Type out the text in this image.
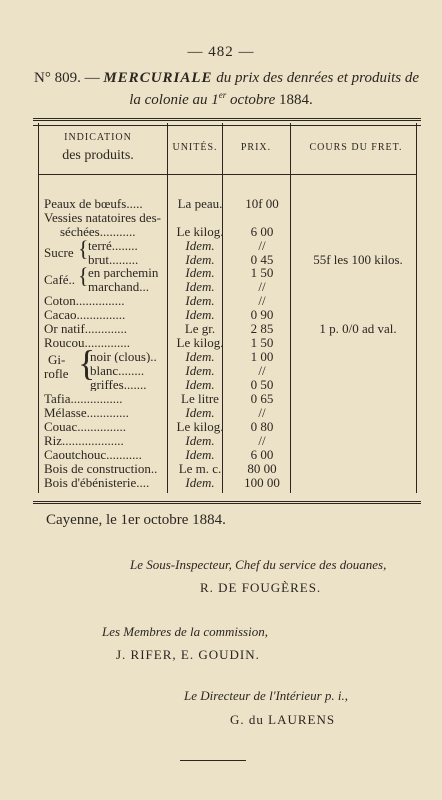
— 482 —
N° 809. — MERCURIALE du prix des denrées et produits de
la colonie au 1er octobre 1884.
INDICATION
des produits.
UNITÉS.	PRIX.	COURS DU FRET.
Peaux de bœufs.....	La peau.	10f 00
Vessies natatoires des-
séchées...........	Le kilog.	6 00
Sucre { terré........	Idem.	//
brut.........	Idem.	0 45	55f les 100 kilos.
Café.. { en parchemin	Idem.	1 50
marchand...	Idem.	//
Coton...............	Idem.	//
Cacao...............	Idem.	0 90
Or natif.............	Le gr.	2 85	1 p. 0/0 ad val.
Roucou..............	Le kilog.	1 50
Gi-
rofle {
noir (clous)..	Idem.	1 00
blanc........	Idem.	//
griffes.......	Idem.	0 50
Tafia................	Le litre	0 65
Mélasse.............	Idem.	//
Couac...............	Le kilog.	0 80
Riz...................	Idem.	//
Caoutchouc...........	Idem.	6 00
Bois de construction..	Le m. c.	80 00
Bois d'ébénisterie....	Idem.	100 00
Cayenne, le 1er octobre 1884.
Le Sous-Inspecteur, Chef du service des douanes,
R. DE FOUGÈRES.
Les Membres de la commission,
J. RIFER, E. GOUDIN.
Le Directeur de l'Intérieur p. i.,
G. du LAURENS
